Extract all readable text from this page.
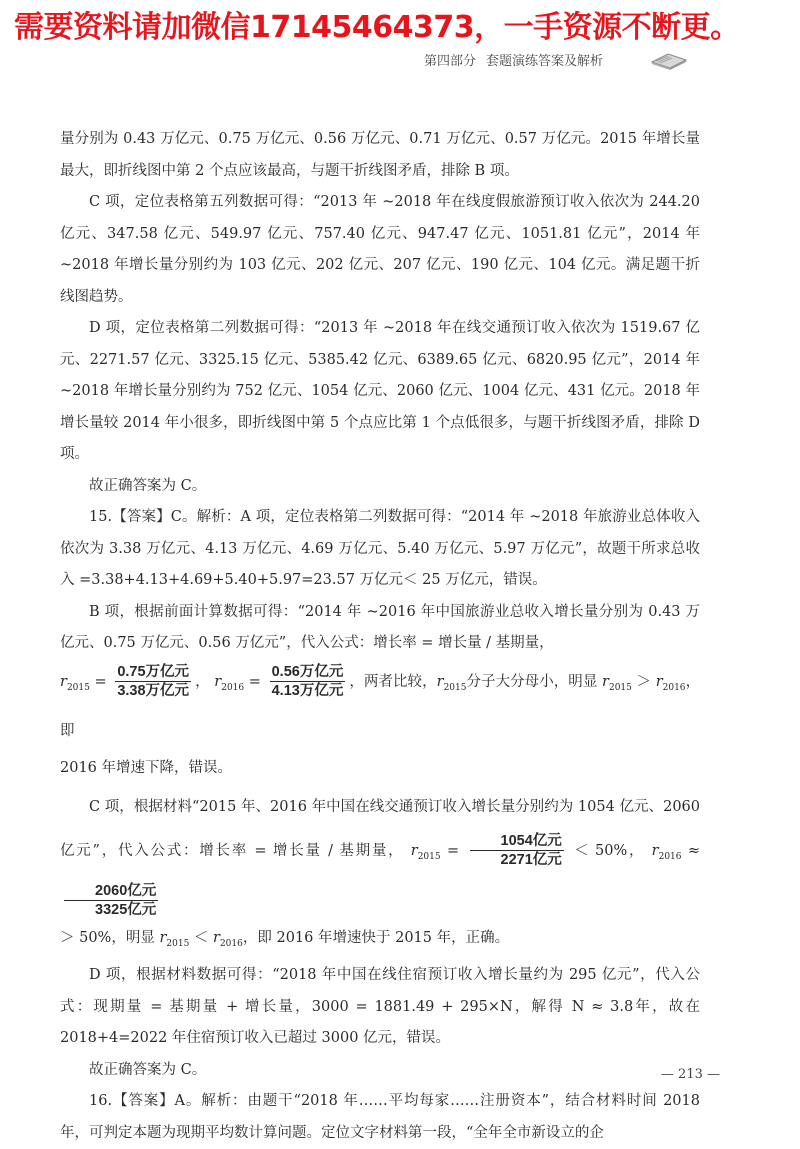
需要资料请加微信17145464373，一手资源不断更。
第四部分 套题演练答案及解析

量分别为 0.43 万亿元、0.75 万亿元、0.56 万亿元、0.71 万亿元、0.57 万亿元。2015 年增长量最大，即折线图中第 2 个点应该最高，与题干折线图矛盾，排除 B 项。

C 项，定位表格第五列数据可得：“2013 年 ~2018 年在线度假旅游预订收入依次为 244.20 亿元、347.58 亿元、549.97 亿元、757.40 亿元、947.47 亿元、1051.81 亿元”，2014 年 ~2018 年增长量分别约为 103 亿元、202 亿元、207 亿元、190 亿元、104 亿元。满足题干折线图趋势。

D 项，定位表格第二列数据可得：“2013 年 ~2018 年在线交通预订收入依次为 1519.67 亿元、2271.57 亿元、3325.15 亿元、5385.42 亿元、6389.65 亿元、6820.95 亿元”，2014 年 ~2018 年增长量分别约为 752 亿元、1054 亿元、2060 亿元、1004 亿元、431 亿元。2018 年增长量较 2014 年小很多，即折线图中第 5 个点应比第 1 个点低很多，与题干折线图矛盾，排除 D 项。

故正确答案为 C。

15.【答案】C。解析：A 项，定位表格第二列数据可得：“2014 年 ~2018 年旅游业总体收入依次为 3.38 万亿元、4.13 万亿元、4.69 万亿元、5.40 万亿元、5.97 万亿元”，故题干所求总收入 =3.38+4.13+4.69+5.40+5.97=23.57 万亿元＜ 25 万亿元，错误。

B 项，根据前面计算数据可得：“2014 年 ~2016 年中国旅游业总收入增长量分别为 0.43 万亿元、0.75 万亿元、0.56 万亿元”，代入公式：增长率 = 增长量 / 基期量，

$r_{2015} = \frac{\text{0.75万亿元}}{\text{3.38万亿元}}$ ， $r_{2016} = \frac{\text{0.56万亿元}}{\text{4.13万亿元}}$ ，两者比较，$r_{2015}$分子大分母小，明显 $r_{2015} > r_{2016}$，即

2016 年增速下降，错误。

C 项，根据材料“2015 年、2016 年中国在线交通预订收入增长量分别约为 1054 亿元、2060 亿元”，代入公式：增长率 = 增长量 / 基期量， $r_{2015} = \frac{\text{1054亿元}}{\text{2271亿元}} < 50\%$， $r_{2016}$ ≈
$\frac{\text{2060亿元}}{\text{3325亿元}}$

＞ 50%，明显 $r_{2015} < r_{2016}$，即 2016 年增速快于 2015 年，正确。

D 项，根据材料数据可得：“2018 年中国在线住宿预订收入增长量约为 295 亿元”，代入公式：现期量 = 基期量 + 增长量，3000 = 1881.49 + 295×N，解得 N ≈ 3.8年，故在 2018+4=2022 年住宿预订收入已超过 3000 亿元，错误。

故正确答案为 C。

16.【答案】A。解析：由题干“2018 年……平均每家……注册资本”，结合材料时间 2018 年，可判定本题为现期平均数计算问题。定位文字材料第一段，“全年全市新设立的企

— 213 —
